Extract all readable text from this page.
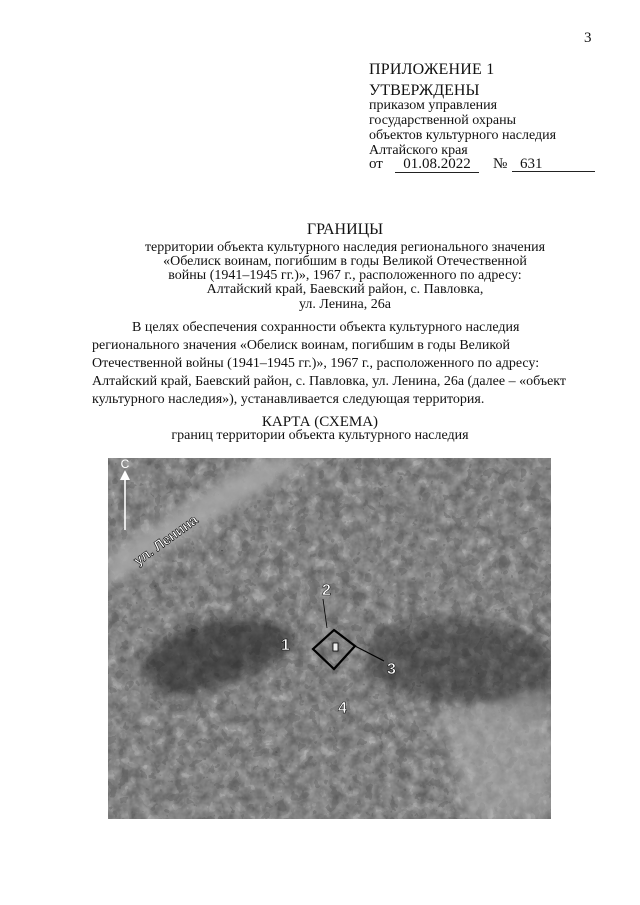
3
ПРИЛОЖЕНИЕ 1
УТВЕРЖДЕНЫ
приказом управления
государственной охраны
объектов культурного наследия
Алтайского края
от	01.08.2022	№ 631
ГРАНИЦЫ
территории объекта культурного наследия регионального значения
«Обелиск воинам, погибшим в годы Великой Отечественной
войны (1941–1945 гг.)», 1967 г., расположенного по адресу:
Алтайский край, Баевский район, с. Павловка,
ул. Ленина, 26а
В целях обеспечения сохранности объекта культурного наследия
регионального значения «Обелиск воинам, погибшим в годы Великой
Отечественной войны (1941–1945 гг.)», 1967 г., расположенного по адресу:
Алтайский край, Баевский район, с. Павловка, ул. Ленина, 26а (далее – «объект
культурного наследия»), устанавливается следующая территория.
КАРТА (СХЕМА)
границ территории объекта культурного наследия
С
ул. Ленина
1
2
3
4
